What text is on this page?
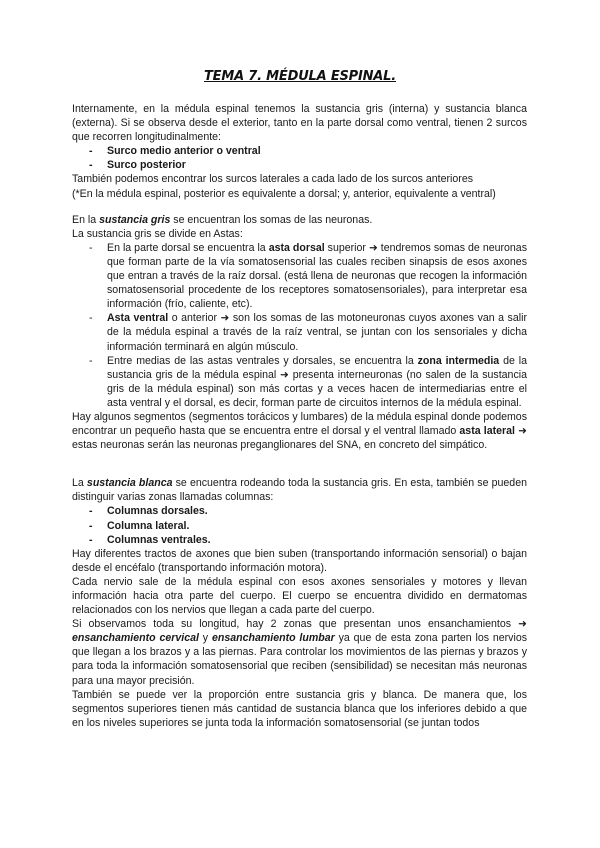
TEMA 7. MÉDULA ESPINAL.

Internamente, en la médula espinal tenemos la sustancia gris (interna) y sustancia blanca (externa). Si se observa desde el exterior, tanto en la parte dorsal como ventral, tienen 2 surcos que recorren longitudinalmente:

- Surco medio anterior o ventral
- Surco posterior

También podemos encontrar los surcos laterales a cada lado de los surcos anteriores

(*En la médula espinal, posterior es equivalente a dorsal; y, anterior, equivalente a ventral)

En la sustancia gris se encuentran los somas de las neuronas.

La sustancia gris se divide en Astas:

- En la parte dorsal se encuentra la asta dorsal superior ➜ tendremos somas de neuronas que forman parte de la vía somatosensorial las cuales reciben sinapsis de esos axones que entran a través de la raíz dorsal. (está llena de neuronas que recogen la información somatosensorial procedente de los receptores somatosensoriales), para interpretar esa información (frío, caliente, etc).
- Asta ventral o anterior ➜ son los somas de las motoneuronas cuyos axones van a salir de la médula espinal a través de la raíz ventral, se juntan con los sensoriales y dicha información terminará en algún músculo.
- Entre medias de las astas ventrales y dorsales, se encuentra la zona intermedia de la sustancia gris de la médula espinal ➜ presenta interneuronas (no salen de la sustancia gris de la médula espinal) son más cortas y a veces hacen de intermediarias entre el asta ventral y el dorsal, es decir, forman parte de circuitos internos de la médula espinal.

Hay algunos segmentos (segmentos torácicos y lumbares) de la médula espinal donde podemos encontrar un pequeño hasta que se encuentra entre el dorsal y el ventral llamado asta lateral ➜ estas neuronas serán las neuronas preganglionares del SNA, en concreto del simpático.

La sustancia blanca se encuentra rodeando toda la sustancia gris. En esta, también se pueden distinguir varias zonas llamadas columnas:

- Columnas dorsales.
- Columna lateral.
- Columnas ventrales.

Hay diferentes tractos de axones que bien suben (transportando información sensorial) o bajan desde el encéfalo (transportando información motora).

Cada nervio sale de la médula espinal con esos axones sensoriales y motores y llevan información hacia otra parte del cuerpo. El cuerpo se encuentra dividido en dermatomas relacionados con los nervios que llegan a cada parte del cuerpo.

Si observamos toda su longitud, hay 2 zonas que presentan unos ensanchamientos ➜ ensanchamiento cervical y ensanchamiento lumbar ya que de esta zona parten los nervios que llegan a los brazos y a las piernas. Para controlar los movimientos de las piernas y brazos y para toda la información somatosensorial que reciben (sensibilidad) se necesitan más neuronas para una mayor precisión.

También se puede ver la proporción entre sustancia gris y blanca. De manera que, los segmentos superiores tienen más cantidad de sustancia blanca que los inferiores debido a que en los niveles superiores se junta toda la información somatosensorial (se juntan todos
